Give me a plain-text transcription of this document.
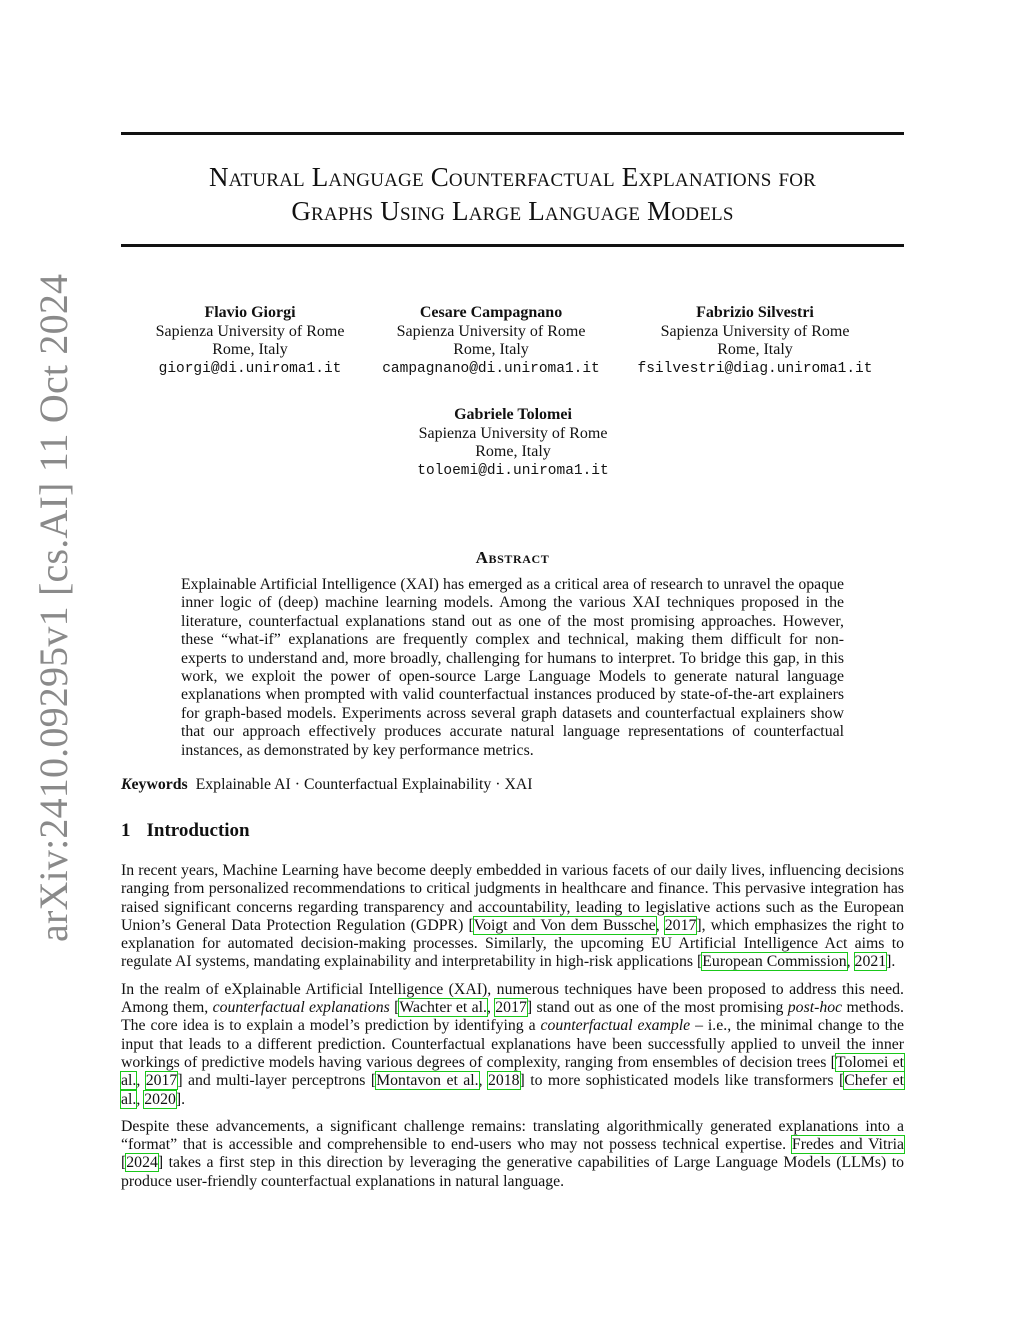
arXiv:2410.09295v1 [cs.AI] 11 Oct 2024
Natural Language Counterfactual Explanations for
Graphs Using Large Language Models
Flavio Giorgi
Sapienza University of Rome
Rome, Italy
giorgi@di.uniroma1.it
Cesare Campagnano
Sapienza University of Rome
Rome, Italy
campagnano@di.uniroma1.it
Fabrizio Silvestri
Sapienza University of Rome
Rome, Italy
fsilvestri@diag.uniroma1.it
Gabriele Tolomei
Sapienza University of Rome
Rome, Italy
toloemi@di.uniroma1.it
Abstract
Explainable Artificial Intelligence (XAI) has emerged as a critical area of research to unravel the opaque inner logic of (deep) machine learning models. Among the various XAI techniques proposed in the literature, counterfactual explanations stand out as one of the most promising approaches. However, these “what-if” explanations are frequently complex and technical, making them difficult for non-experts to understand and, more broadly, challenging for humans to interpret. To bridge this gap, in this work, we exploit the power of open-source Large Language Models to generate natural language explanations when prompted with valid counterfactual instances produced by state-of-the-art explainers for graph-based models. Experiments across several graph datasets and counterfactual explainers show that our approach effectively produces accurate natural language representations of counterfactual instances, as demonstrated by key performance metrics.
Keywords Explainable AI · Counterfactual Explainability · XAI
1 Introduction

In recent years, Machine Learning have become deeply embedded in various facets of our daily lives, influencing decisions ranging from personalized recommendations to critical judgments in healthcare and finance. This pervasive integration has raised significant concerns regarding transparency and accountability, leading to legislative actions such as the European Union’s General Data Protection Regulation (GDPR) [Voigt and Von dem Bussche, 2017], which emphasizes the right to explanation for automated decision-making processes. Similarly, the upcoming EU Artificial Intelligence Act aims to regulate AI systems, mandating explainability and interpretability in high-risk applications [European Commission, 2021].

In the realm of eXplainable Artificial Intelligence (XAI), numerous techniques have been proposed to address this need. Among them, counterfactual explanations [Wachter et al., 2017] stand out as one of the most promising post-hoc methods. The core idea is to explain a model’s prediction by identifying a counterfactual example – i.e., the minimal change to the input that leads to a different prediction. Counterfactual explanations have been successfully applied to unveil the inner workings of predictive models having various degrees of complexity, ranging from ensembles of decision trees [Tolomei et al., 2017] and multi-layer perceptrons [Montavon et al., 2018] to more sophisticated models like transformers [Chefer et al., 2020].

Despite these advancements, a significant challenge remains: translating algorithmically generated explanations into a “format” that is accessible and comprehensible to end-users who may not possess technical expertise. Fredes and Vitria [2024] takes a first step in this direction by leveraging the generative capabilities of Large Language Models (LLMs) to produce user-friendly counterfactual explanations in natural language.
